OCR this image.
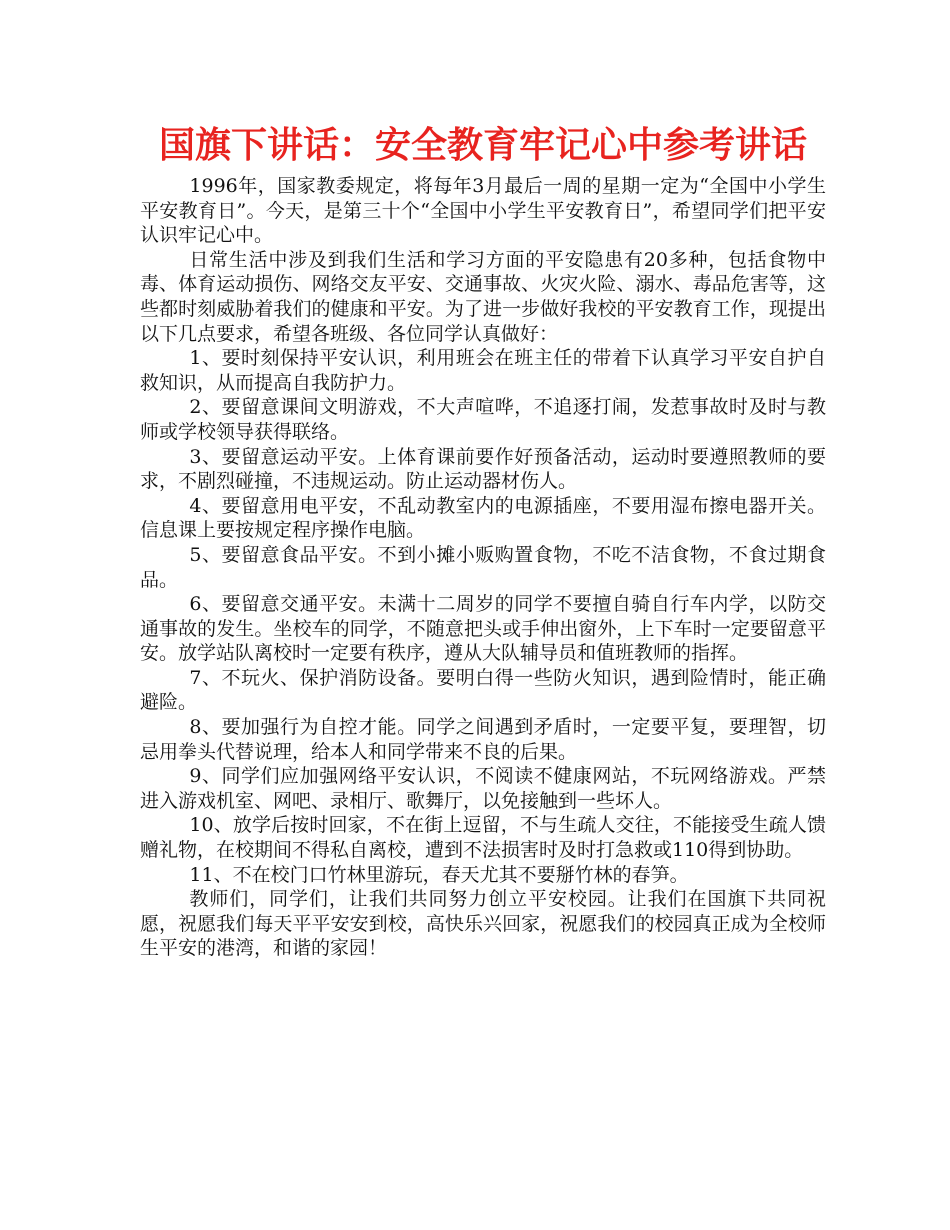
国旗下讲话：安全教育牢记心中参考讲话

1996年，国家教委规定，将每年3月最后一周的星期一定为“全国中小学生平安教育日”。今天，是第三十个“全国中小学生平安教育日”，希望同学们把平安认识牢记心中。

日常生活中涉及到我们生活和学习方面的平安隐患有20多种，包括食物中毒、体育运动损伤、网络交友平安、交通事故、火灾火险、溺水、毒品危害等，这些都时刻威胁着我们的健康和平安。为了进一步做好我校的平安教育工作，现提出以下几点要求，希望各班级、各位同学认真做好：

1、要时刻保持平安认识，利用班会在班主任的带着下认真学习平安自护自救知识，从而提高自我防护力。

2、要留意课间文明游戏，不大声喧哗，不追逐打闹，发惹事故时及时与教师或学校领导获得联络。

3、要留意运动平安。上体育课前要作好预备活动，运动时要遵照教师的要求，不剧烈碰撞，不违规运动。防止运动器材伤人。

4、要留意用电平安，不乱动教室内的电源插座，不要用湿布擦电器开关。信息课上要按规定程序操作电脑。

5、要留意食品平安。不到小摊小贩购置食物，不吃不洁食物，不食过期食品。

6、要留意交通平安。未满十二周岁的同学不要擅自骑自行车内学，以防交通事故的发生。坐校车的同学，不随意把头或手伸出窗外，上下车时一定要留意平安。放学站队离校时一定要有秩序，遵从大队辅导员和值班教师的指挥。

7、不玩火、保护消防设备。要明白得一些防火知识，遇到险情时，能正确避险。

8、要加强行为自控才能。同学之间遇到矛盾时，一定要平复，要理智，切忌用拳头代替说理，给本人和同学带来不良的后果。

9、同学们应加强网络平安认识，不阅读不健康网站，不玩网络游戏。严禁进入游戏机室、网吧、录相厅、歌舞厅，以免接触到一些坏人。

10、放学后按时回家，不在街上逗留，不与生疏人交往，不能接受生疏人馈赠礼物，在校期间不得私自离校，遭到不法损害时及时打急救或110得到协助。

11、不在校门口竹林里游玩，春天尤其不要掰竹林的春笋。

教师们，同学们，让我们共同努力创立平安校园。让我们在国旗下共同祝愿，祝愿我们每天平平安安到校，高快乐兴回家，祝愿我们的校园真正成为全校师生平安的港湾，和谐的家园！
